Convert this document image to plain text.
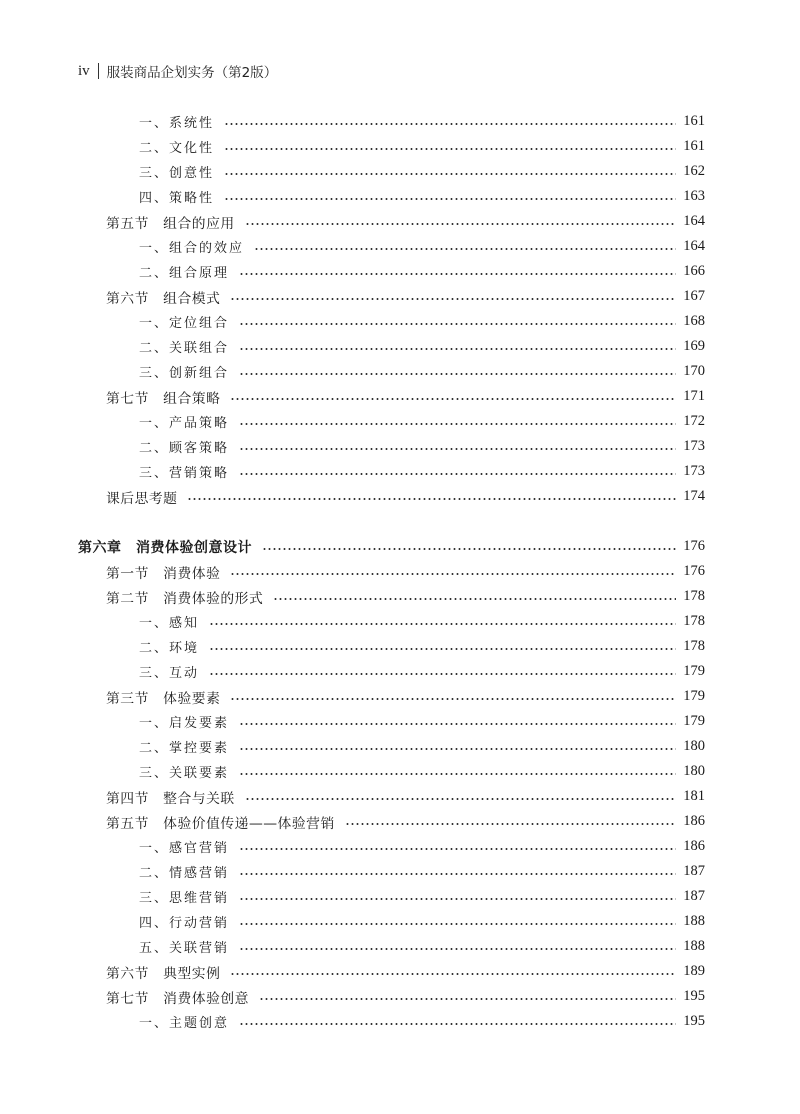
iv 服装商品企划实务（第2版）
一、系统性	161
二、文化性	161
三、创意性	162
四、策略性	163
第五节　组合的应用	164
一、组合的效应	164
二、组合原理	166
第六节　组合模式	167
一、定位组合	168
二、关联组合	169
三、创新组合	170
第七节　组合策略	171
一、产品策略	172
二、顾客策略	173
三、营销策略	173
课后思考题	174
第六章　消费体验创意设计	176
第一节　消费体验	176
第二节　消费体验的形式	178
一、感知	178
二、环境	178
三、互动	179
第三节　体验要素	179
一、启发要素	179
二、掌控要素	180
三、关联要素	180
第四节　整合与关联	181
第五节　体验价值传递——体验营销	186
一、感官营销	186
二、情感营销	187
三、思维营销	187
四、行动营销	188
五、关联营销	188
第六节　典型实例	189
第七节　消费体验创意	195
一、主题创意	195
